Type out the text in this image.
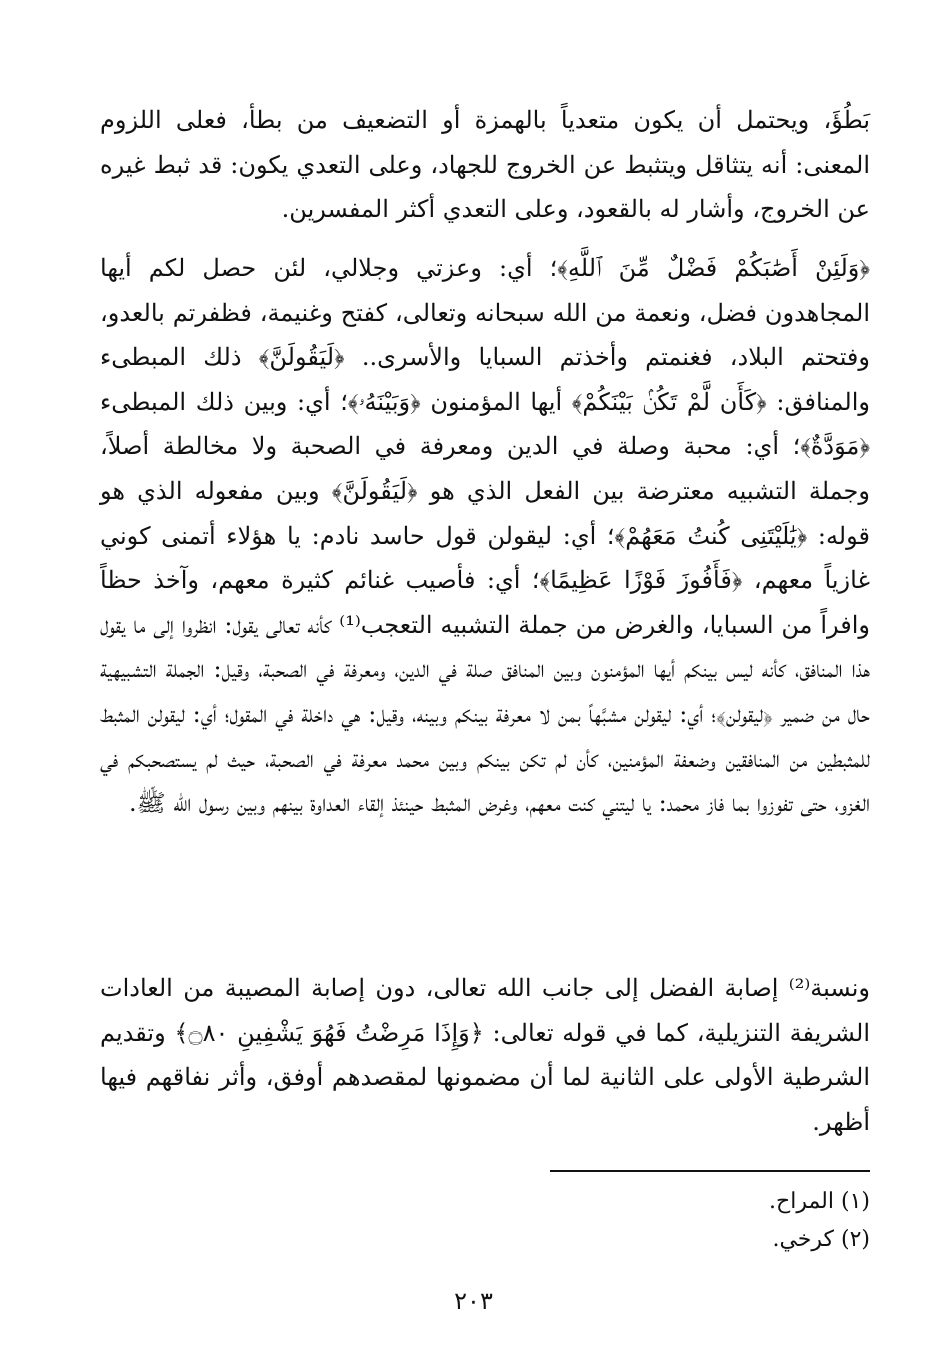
بَطُؤَ، ويحتمل أن يكون متعدياً بالهمزة أو التضعيف من بطأ، فعلى اللزوم المعنى: أنه يتثاقل ويتثبط عن الخروج للجهاد، وعلى التعدي يكون: قد ثبط غيره عن الخروج، وأشار له بالقعود، وعلى التعدي أكثر المفسرين.

﴿وَلَئِنْ أَصَٰبَكُمْ فَضْلٌ مِّنَ ٱللَّهِ﴾؛ أي: وعزتي وجلالي، لئن حصل لكم أيها المجاهدون فضل، ونعمة من الله سبحانه وتعالى، كفتح وغنيمة، فظفرتم بالعدو، وفتحتم البلاد، فغنمتم وأخذتم السبايا والأسرى.. ﴿لَيَقُولَنَّ﴾ ذلك المبطىء والمنافق: ﴿كَأَن لَّمْ تَكُنۢ بَيْنَكُمْ﴾ أيها المؤمنون ﴿وَبَيْنَهُۥ﴾؛ أي: وبين ذلك المبطىء ﴿مَوَدَّةٌ﴾؛ أي: محبة وصلة في الدين ومعرفة في الصحبة ولا مخالطة أصلاً، وجملة التشبيه معترضة بين الفعل الذي هو ﴿لَيَقُولَنَّ﴾ وبين مفعوله الذي هو قوله: ﴿يَٰلَيْتَنِى كُنتُ مَعَهُمْ﴾؛ أي: ليقولن قول حاسد نادم: يا هؤلاء أتمنى كوني غازياً معهم، ﴿فَأَفُوزَ فَوْزًا عَظِيمًا﴾؛ أي: فأصيب غنائم كثيرة معهم، وآخذ حظاً وافراً من السبايا، والغرض من جملة التشبيه التعجب⁽¹⁾ كأنه تعالى يقول: انظروا إلى ما يقول هذا المنافق، كأنه ليس بينكم أيها المؤمنون وبين المنافق صلة في الدين، ومعرفة في الصحبة، وقيل: الجملة التشبيهية حال من ضمير ﴿ليقولن﴾؛ أي: ليقولن مشبَّهاً بمن لا معرفة بينكم وبينه، وقيل: هي داخلة في المقول؛ أي: ليقولن المثبط للمثبطين من المنافقين وضعفة المؤمنين، كأن لم تكن بينكم وبين محمد معرفة في الصحبة، حيث لم يستصحبكم في الغزو، حتى تفوزوا بما فاز محمد: يا ليتني كنت معهم، وغرض المثبط حينئذ إلقاء العداوة بينهم وبين رسول الله ﷺ.

ونسبة⁽²⁾ إصابة الفضل إلى جانب الله تعالى، دون إصابة المصيبة من العادات الشريفة التنزيلية، كما في قوله تعالى: ﴿وَإِذَا مَرِضْتُ فَهُوَ يَشْفِينِ ۝٨٠﴾ وتقديم الشرطية الأولى على الثانية لما أن مضمونها لمقصدهم أوفق، وأثر نفاقهم فيها أظهر.

(١) المراح.
(٢) كرخي.
٢٠٣
